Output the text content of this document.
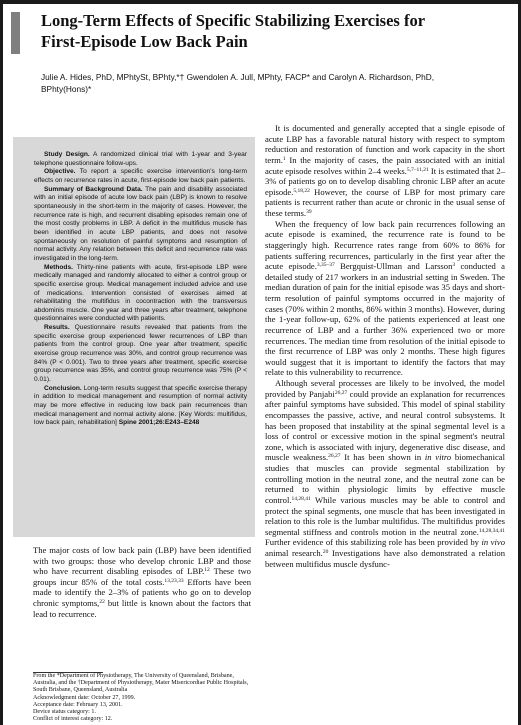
Long-Term Effects of Specific Stabilizing Exercises for First-Episode Low Back Pain

Julie A. Hides, PhD, MPhtySt, BPhty,*† Gwendolen A. Jull, MPhty, FACP* and Carolyn A. Richardson, PhD, BPhty(Hons)*

Study Design. A randomized clinical trial with 1-year and 3-year telephone questionnaire follow-ups.

Objective. To report a specific exercise intervention's long-term effects on recurrence rates in acute, first-episode low back pain patients.

Summary of Background Data. The pain and disability associated with an initial episode of acute low back pain (LBP) is known to resolve spontaneously in the short-term in the majority of cases. However, the recurrence rate is high, and recurrent disabling episodes remain one of the most costly problems in LBP. A deficit in the multifidus muscle has been identified in acute LBP patients, and does not resolve spontaneously on resolution of painful symptoms and resumption of normal activity. Any relation between this deficit and recurrence rate was investigated in the long-term.

Methods. Thirty-nine patients with acute, first-episode LBP were medically managed and randomly allocated to either a control group or specific exercise group. Medical management included advice and use of medications. Intervention consisted of exercises aimed at rehabilitating the multifidus in cocontraction with the transversus abdominis muscle. One year and three years after treatment, telephone questionnaires were conducted with patients.

Results. Questionnaire results revealed that patients from the specific exercise group experienced fewer recurrences of LBP than patients from the control group. One year after treatment, specific exercise group recurrence was 30%, and control group recurrence was 84% (P < 0.001). Two to three years after treatment, specific exercise group recurrence was 35%, and control group recurrence was 75% (P < 0.01).

Conclusion. Long-term results suggest that specific exercise therapy in addition to medical management and resumption of normal activity may be more effective in reducing low back pain recurrences than medical management and normal activity alone. [Key Words: multifidus, low back pain, rehabilitation] Spine 2001;26:E243–E248

The major costs of low back pain (LBP) have been identified with two groups: those who develop chronic LBP and those who have recurrent disabling episodes of LBP.$^{12}$ These two groups incur 85% of the total costs.$^{13,23,33}$ Efforts have been made to identify the 2–3% of patients who go on to develop chronic symptoms,$^{22}$ but little is known about the factors that lead to recurrence.

From the *Department of Physiotherapy, The University of Queensland, Brisbane, Australia, and the †Department of Physiotherapy, Mater Misericordiae Public Hospitals, South Brisbane, Queensland, Australia
Acknowledgment date: October 27, 1999.
Acceptance date: February 13, 2001.
Device status category: 1.
Conflict of interest category: 12.

It is documented and generally accepted that a single episode of acute LBP has a favorable natural history with respect to symptom reduction and restoration of function and work capacity in the short term.$^1$ In the majority of cases, the pain associated with an initial acute episode resolves within 2–4 weeks.$^{5,7-11,21}$ It is estimated that 2–3% of patients go on to develop disabling chronic LBP after an acute episode.$^{5,18,22}$ However, the course of LBP for most primary care patients is recurrent rather than acute or chronic in the usual sense of these terms.$^{39}$

When the frequency of low back pain recurrences following an acute episode is examined, the recurrence rate is found to be staggeringly high. Recurrence rates range from 60% to 86% for patients suffering recurrences, particularly in the first year after the acute episode.$^{3,35-37}$ Bergquist-Ullman and Larsson$^3$ conducted a detailed study of 217 workers in an industrial setting in Sweden. The median duration of pain for the initial episode was 35 days and short-term resolution of painful symptoms occurred in the majority of cases (70% within 2 months, 86% within 3 months). However, during the 1-year follow-up, 62% of the patients experienced at least one recurrence of LBP and a further 36% experienced two or more recurrences. The median time from resolution of the initial episode to the first recurrence of LBP was only 2 months. These high figures would suggest that it is important to identify the factors that may relate to this vulnerability to recurrence.

Although several processes are likely to be involved, the model provided by Panjabi$^{26,27}$ could provide an explanation for recurrences after painful symptoms have subsided. This model of spinal stability encompasses the passive, active, and neural control subsystems. It has been proposed that instability at the spinal segmental level is a loss of control or excessive motion in the spinal segment's neutral zone, which is associated with injury, degenerative disc disease, and muscle weakness.$^{26,27}$ It has been shown in in vitro biomechanical studies that muscles can provide segmental stabilization by controlling motion in the neutral zone, and the neutral zone can be returned to within physiologic limits by effective muscle control.$^{14,28,41}$ While various muscles may be able to control and protect the spinal segments, one muscle that has been investigated in relation to this role is the lumbar multifidus. The multifidus provides segmental stiffness and controls motion in the neutral zone.$^{14,28,34,41}$ Further evidence of this stabilizing role has been provided by in vivo animal research.$^{20}$ Investigations have also demonstrated a relation between multifidus muscle dysfunc-
